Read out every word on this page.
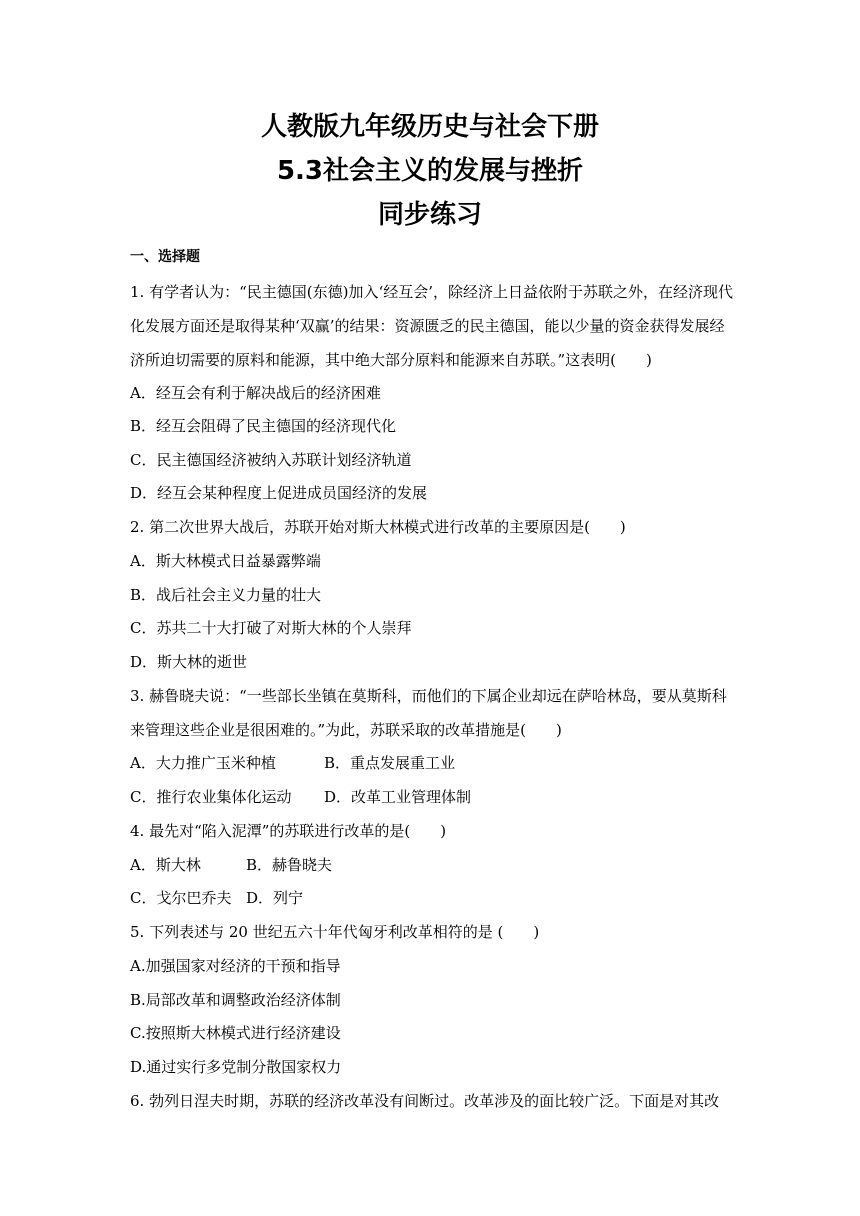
人教版九年级历史与社会下册
5.3社会主义的发展与挫折
同步练习
一、选择题
1. 有学者认为：“民主德国(东德)加入‘经互会’，除经济上日益依附于苏联之外，在经济现代
化发展方面还是取得某种‘双赢’的结果：资源匮乏的民主德国，能以少量的资金获得发展经
济所迫切需要的原料和能源，其中绝大部分原料和能源来自苏联。”这表明(　　)
A．经互会有利于解决战后的经济困难
B．经互会阻碍了民主德国的经济现代化
C．民主德国经济被纳入苏联计划经济轨道
D．经互会某种程度上促进成员国经济的发展
2. 第二次世界大战后，苏联开始对斯大林模式进行改革的主要原因是(　　)
A．斯大林模式日益暴露弊端
B．战后社会主义力量的壮大
C．苏共二十大打破了对斯大林的个人崇拜
D．斯大林的逝世
3. 赫鲁晓夫说：“一些部长坐镇在莫斯科，而他们的下属企业却远在萨哈林岛，要从莫斯科
来管理这些企业是很困难的。”为此，苏联采取的改革措施是(　　)
A．大力推广玉米种植	B．重点发展重工业
C．推行农业集体化运动 D．改革工业管理体制
4. 最先对“陷入泥潭”的苏联进行改革的是(　　)
A．斯大林	B．赫鲁晓夫
C．戈尔巴乔夫 D．列宁
5. 下列表述与 20 世纪五六十年代匈牙利改革相符的是 (　　)
A.加强国家对经济的干预和指导
B.局部改革和调整政治经济体制
C.按照斯大林模式进行经济建设
D.通过实行多党制分散国家权力
6. 勃列日涅夫时期，苏联的经济改革没有间断过。改革涉及的面比较广泛。下面是对其改
